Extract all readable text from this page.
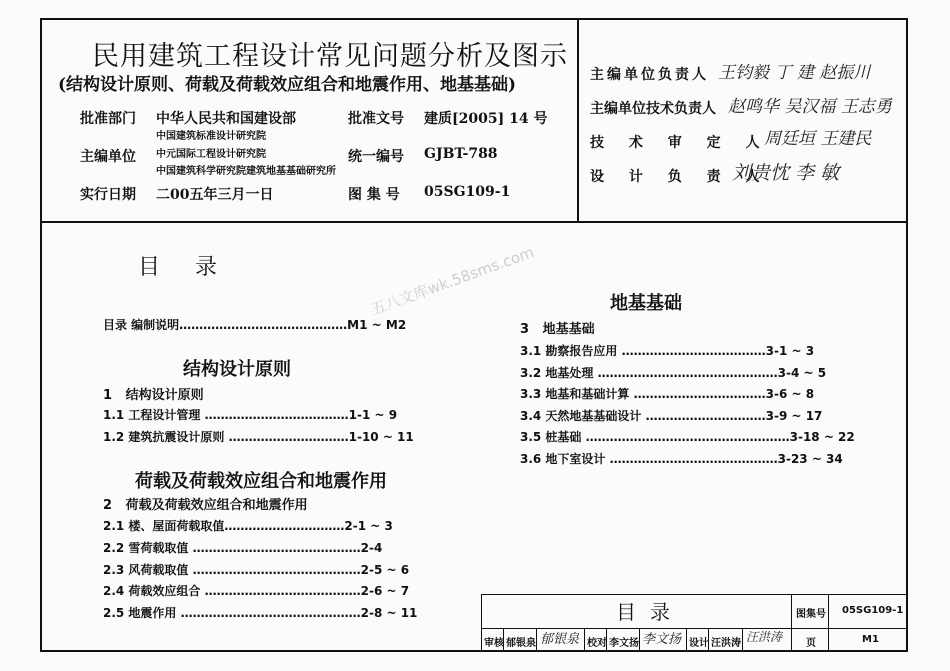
民用建筑工程设计常见问题分析及图示
(结构设计原则、荷载及荷载效应组合和地震作用、地基基础)
批准部门 中华人民共和国建设部	批准文号 建质[2005] 14 号
中国建筑标准设计研究院
主编单位 中元国际工程设计研究院
中国建筑科学研究院建筑地基基础研究所
统一编号 GJBT-788
实行日期 二00五年三月一日	图 集 号 05SG109-1
主编单位负责人 王钧毅 丁 建 赵振川
主编单位技术负责人 赵鸣华 吴汉福 王志勇
技 术 审 定 人
周廷垣 王建民
设 计 负 责 人
刘贵忱 李 敏
目     录
目录 编制说明……………………………………M1 ~ M2
结构设计原则
1   结构设计原则
1.1 工程设计管理 ………………………………1-1 ~ 9
1.2 建筑抗震设计原则 …………………………1-10 ~ 11
荷载及荷载效应组合和地震作用
2   荷载及荷载效应组合和地震作用
2.1 楼、屋面荷载取值…………………………2-1 ~ 3
2.2 雪荷载取值 ……………………………………2-4
2.3 风荷载取值 ……………………………………2-5 ~ 6
2.4 荷载效应组合 …………………………………2-6 ~ 7
2.5 地震作用 ………………………………………2-8 ~ 11
地基基础
3   地基基础
3.1 勘察报告应用 ………………………………3-1 ~ 3
3.2 地基处理 ………………………………………3-4 ~ 5
3.3 地基和基础计算 ……………………………3-6 ~ 8
3.4 天然地基基础设计 …………………………3-9 ~ 17
3.5 桩基础 ……………………………………………3-18 ~ 22
3.6 地下室设计 ……………………………………3-23 ~ 34
五八文库wk.58sms.com
目录	图集号 05SG109-1
审核 郁银泉 郁银泉 校对 李文扬 李文扬 设计 汪洪涛 汪洪涛 页	M1
